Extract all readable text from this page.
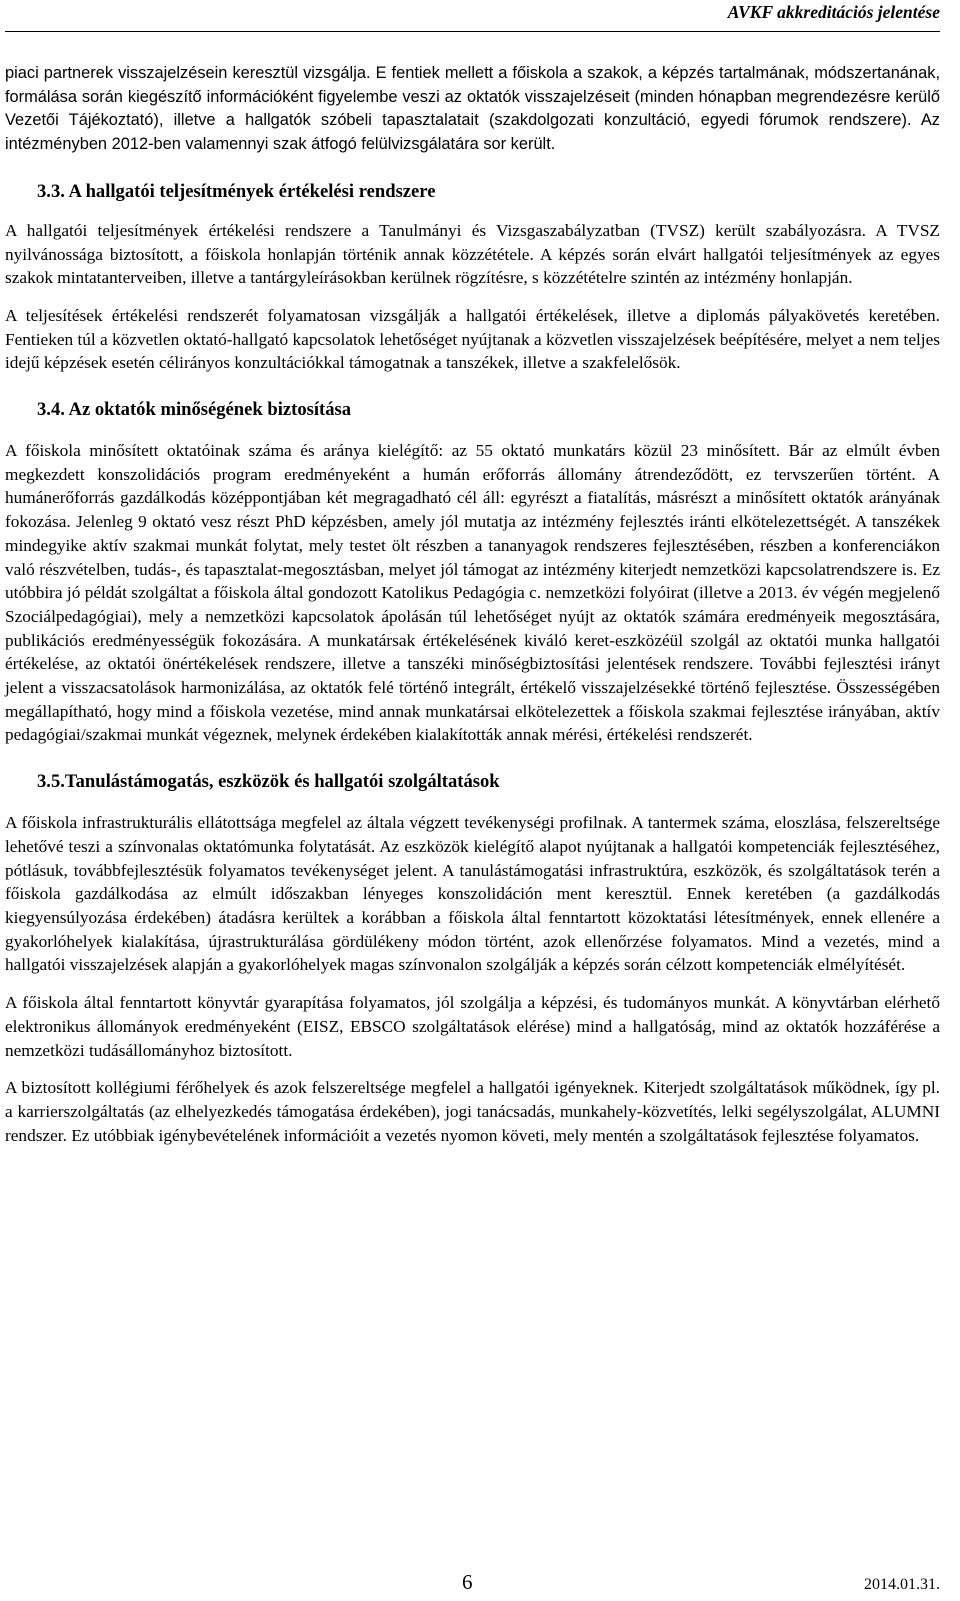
AVKF akkreditációs jelentése

piaci partnerek visszajelzésein keresztül vizsgálja. E fentiek mellett a főiskola a szakok, a képzés tartalmának, módszertanának, formálása során kiegészítő információként figyelembe veszi az oktatók visszajelzéseit (minden hónapban megrendezésre kerülő Vezetői Tájékoztató), illetve a hallgatók szóbeli tapasztalatait (szakdolgozati konzultáció, egyedi fórumok rendszere). Az intézményben 2012-ben valamennyi szak átfogó felülvizsgálatára sor került.

3.3. A hallgatói teljesítmények értékelési rendszere

A hallgatói teljesítmények értékelési rendszere a Tanulmányi és Vizsgaszabályzatban (TVSZ) került szabályozásra. A TVSZ nyilvánossága biztosított, a főiskola honlapján történik annak közzététele. A képzés során elvárt hallgatói teljesítmények az egyes szakok mintatanterveiben, illetve a tantárgyleírásokban kerülnek rögzítésre, s közzétételre szintén az intézmény honlapján.

A teljesítések értékelési rendszerét folyamatosan vizsgálják a hallgatói értékelések, illetve a diplomás pályakövetés keretében. Fentieken túl a közvetlen oktató-hallgató kapcsolatok lehetőséget nyújtanak a közvetlen visszajelzések beépítésére, melyet a nem teljes idejű képzések esetén célirányos konzultációkkal támogatnak a tanszékek, illetve a szakfelelősök.

3.4. Az oktatók minőségének biztosítása

A főiskola minősített oktatóinak száma és aránya kielégítő: az 55 oktató munkatárs közül 23 minősített. Bár az elmúlt évben megkezdett konszolidációs program eredményeként a humán erőforrás állomány átrendeződött, ez tervszerűen történt. A humánerőforrás gazdálkodás középpontjában két megragadható cél áll: egyrészt a fiatalítás, másrészt a minősített oktatók arányának fokozása. Jelenleg 9 oktató vesz részt PhD képzésben, amely jól mutatja az intézmény fejlesztés iránti elkötelezettségét. A tanszékek mindegyike aktív szakmai munkát folytat, mely testet ölt részben a tananyagok rendszeres fejlesztésében, részben a konferenciákon való részvételben, tudás-, és tapasztalat-megosztásban, melyet jól támogat az intézmény kiterjedt nemzetközi kapcsolatrendszere is. Ez utóbbira jó példát szolgáltat a főiskola által gondozott Katolikus Pedagógia c. nemzetközi folyóirat (illetve a 2013. év végén megjelenő Szociálpedagógiai), mely a nemzetközi kapcsolatok ápolásán túl lehetőséget nyújt az oktatók számára eredményeik megosztására, publikációs eredményességük fokozására. A munkatársak értékelésének kiváló keret-eszközéül szolgál az oktatói munka hallgatói értékelése, az oktatói önértékelések rendszere, illetve a tanszéki minőségbiztosítási jelentések rendszere. További fejlesztési irányt jelent a visszacsatolások harmonizálása, az oktatók felé történő integrált, értékelő visszajelzésekké történő fejlesztése. Összességében megállapítható, hogy mind a főiskola vezetése, mind annak munkatársai elkötelezettek a főiskola szakmai fejlesztése irányában, aktív pedagógiai/szakmai munkát végeznek, melynek érdekében kialakították annak mérési, értékelési rendszerét.

3.5.Tanulástámogatás, eszközök és hallgatói szolgáltatások

A főiskola infrastrukturális ellátottsága megfelel az általa végzett tevékenységi profilnak. A tantermek száma, eloszlása, felszereltsége lehetővé teszi a színvonalas oktatómunka folytatását. Az eszközök kielégítő alapot nyújtanak a hallgatói kompetenciák fejlesztéséhez, pótlásuk, továbbfejlesztésük folyamatos tevékenységet jelent. A tanulástámogatási infrastruktúra, eszközök, és szolgáltatások terén a főiskola gazdálkodása az elmúlt időszakban lényeges konszolidáción ment keresztül. Ennek keretében (a gazdálkodás kiegyensúlyozása érdekében) átadásra kerültek a korábban a főiskola által fenntartott közoktatási létesítmények, ennek ellenére a gyakorlóhelyek kialakítása, újrastrukturálása gördülékeny módon történt, azok ellenőrzése folyamatos. Mind a vezetés, mind a hallgatói visszajelzések alapján a gyakorlóhelyek magas színvonalon szolgálják a képzés során célzott kompetenciák elmélyítését.

A főiskola által fenntartott könyvtár gyarapítása folyamatos, jól szolgálja a képzési, és tudományos munkát. A könyvtárban elérhető elektronikus állományok eredményeként (EISZ, EBSCO szolgáltatások elérése) mind a hallgatóság, mind az oktatók hozzáférése a nemzetközi tudásállományhoz biztosított.

A biztosított kollégiumi férőhelyek és azok felszereltsége megfelel a hallgatói igényeknek. Kiterjedt szolgáltatások működnek, így pl. a karrierszolgáltatás (az elhelyezkedés támogatása érdekében), jogi tanácsadás, munkahely-közvetítés, lelki segélyszolgálat, ALUMNI rendszer. Ez utóbbiak igénybevételének információit a vezetés nyomon követi, mely mentén a szolgáltatások fejlesztése folyamatos.

6	2014.01.31.
